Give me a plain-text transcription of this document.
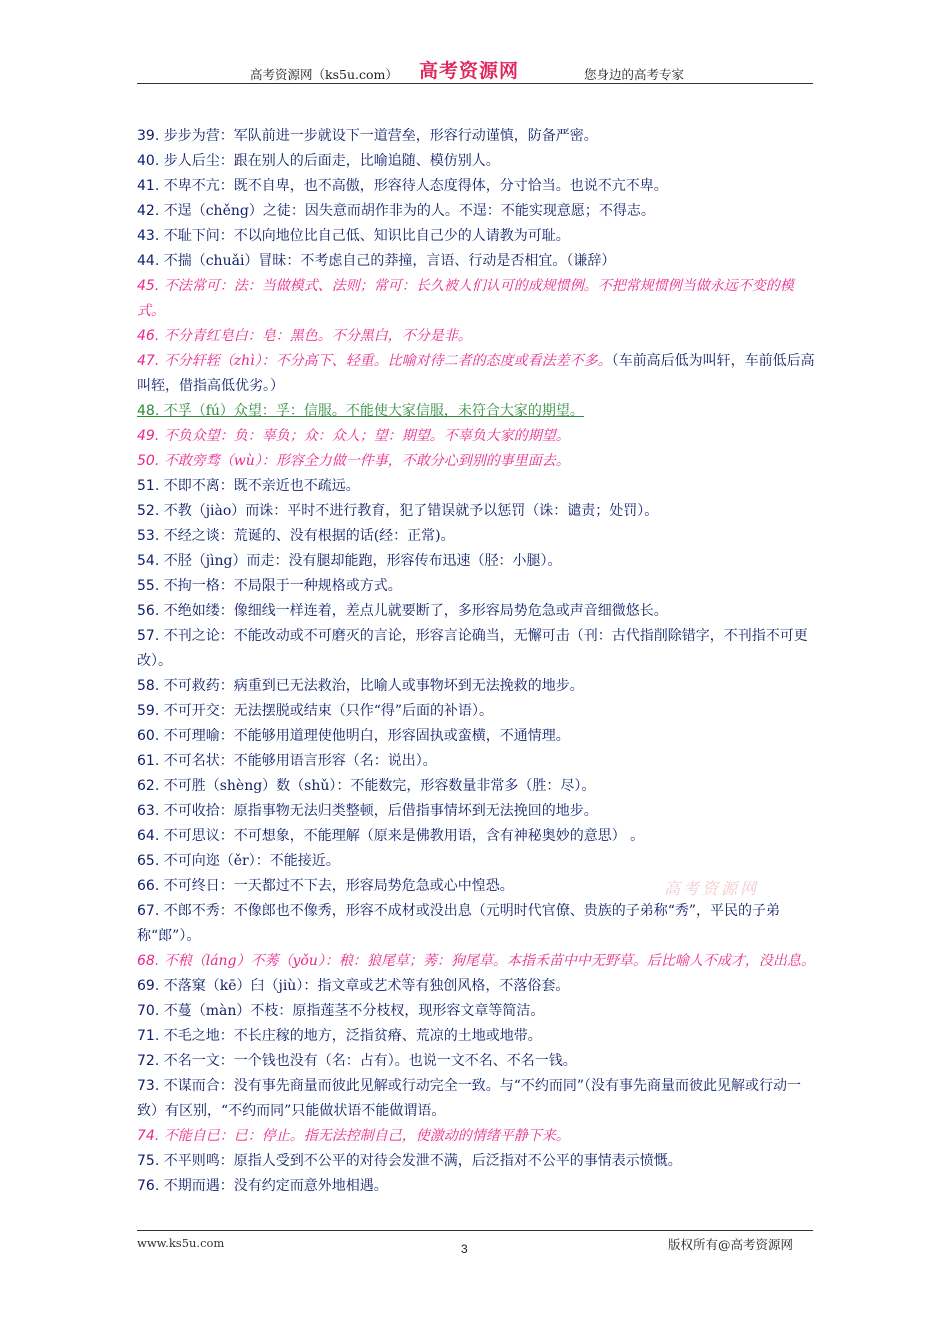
高考资源网（ks5u.com） 高考资源网	您身边的高考专家
39. 步步为营：军队前进一步就设下一道营垒，形容行动谨慎，防备严密。
40. 步人后尘：跟在别人的后面走，比喻追随、模仿别人。
41. 不卑不亢：既不自卑，也不高傲，形容待人态度得体，分寸恰当。也说不亢不卑。
42. 不逞（chěng）之徒：因失意而胡作非为的人。不逞：不能实现意愿；不得志。
43. 不耻下问：不以向地位比自己低、知识比自己少的人请教为可耻。
44. 不揣（chuǎi）冒昧：不考虑自己的莽撞，言语、行动是否相宜。（谦辞）
45. 不法常可：法：当做模式、法则；常可：长久被人们认可的成规惯例。不把常规惯例当做永远不变的模式。
46. 不分青红皂白：皂：黑色。不分黑白，不分是非。
47. 不分轩轾（zhì）：不分高下、轻重。比喻对待二者的态度或看法差不多。（车前高后低为叫轩，车前低后高叫轾，借指高低优劣。）
48. 不孚（fú）众望：孚：信服。不能使大家信服，未符合大家的期望。
49. 不负众望：负：辜负；众：众人；望：期望。不辜负大家的期望。
50. 不敢旁骛（wù）：形容全力做一件事，不敢分心到别的事里面去。
51. 不即不离：既不亲近也不疏远。
52. 不教（jiào）而诛：平时不进行教育，犯了错误就予以惩罚（诛：谴责；处罚）。
53. 不经之谈：荒诞的、没有根据的话(经：正常)。
54. 不胫（jìng）而走：没有腿却能跑，形容传布迅速（胫：小腿）。
55. 不拘一格：不局限于一种规格或方式。
56. 不绝如缕：像细线一样连着，差点儿就要断了，多形容局势危急或声音细微悠长。
57. 不刊之论：不能改动或不可磨灭的言论，形容言论确当，无懈可击（刊：古代指削除错字，不刊指不可更改）。
58. 不可救药：病重到已无法救治，比喻人或事物坏到无法挽救的地步。
59. 不可开交：无法摆脱或结束（只作“得”后面的补语）。
60. 不可理喻：不能够用道理使他明白，形容固执或蛮横，不通情理。
61. 不可名状：不能够用语言形容（名：说出）。
62. 不可胜（shèng）数（shǔ）：不能数完，形容数量非常多（胜：尽）。
63. 不可收拾：原指事物无法归类整顿，后借指事情坏到无法挽回的地步。
64. 不可思议：不可想象，不能理解（原来是佛教用语，含有神秘奥妙的意思） 。
65. 不可向迩（ěr）：不能接近。
66. 不可终日：一天都过不下去，形容局势危急或心中惶恐。
67. 不郎不秀：不像郎也不像秀，形容不成材或没出息（元明时代官僚、贵族的子弟称“秀”，平民的子弟称“郎”）。
68. 不稂（láng）不莠（yǒu）：稂：狼尾草；莠：狗尾草。本指禾苗中中无野草。后比喻人不成才，没出息。
69. 不落窠（kē）臼（jiù）：指文章或艺术等有独创风格，不落俗套。
70. 不蔓（màn）不枝：原指莲茎不分枝杈，现形容文章等简洁。
71. 不毛之地：不长庄稼的地方，泛指贫瘠、荒凉的土地或地带。
72. 不名一文：一个钱也没有（名：占有）。也说一文不名、不名一钱。
73. 不谋而合：没有事先商量而彼此见解或行动完全一致。与“不约而同”（没有事先商量而彼此见解或行动一致）有区别，“不约而同”只能做状语不能做谓语。
74. 不能自已：已：停止。指无法控制自己，使激动的情绪平静下来。
75. 不平则鸣：原指人受到不公平的对待会发泄不满，后泛指对不公平的事情表示愤慨。
76. 不期而遇：没有约定而意外地相遇。
高考资源网
www.ks5u.com	3	版权所有@高考资源网
